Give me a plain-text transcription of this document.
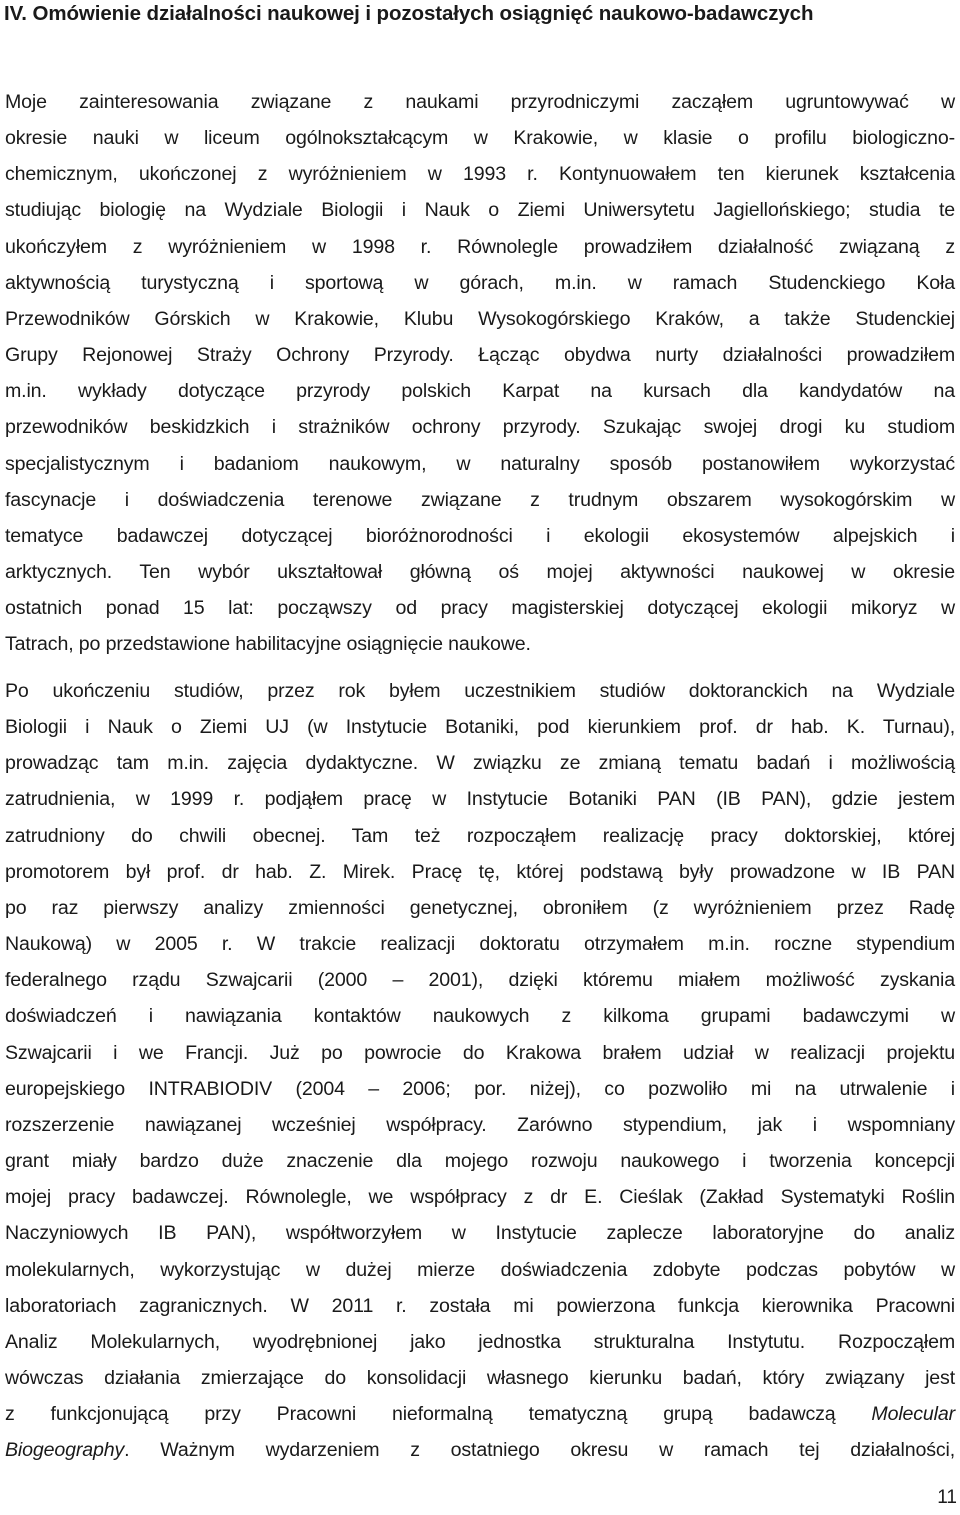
IV. Omówienie działalności naukowej i pozostałych osiągnięć naukowo-badawczych

Moje zainteresowania związane z naukami przyrodniczymi zacząłem ugruntowywać w
okresie nauki w liceum ogólnokształcącym w Krakowie, w klasie o profilu biologiczno-
chemicznym, ukończonej z wyróżnieniem w 1993 r. Kontynuowałem ten kierunek kształcenia
studiując biologię na Wydziale Biologii i Nauk o Ziemi Uniwersytetu Jagiellońskiego; studia te
ukończyłem z wyróżnieniem w 1998 r. Równolegle prowadziłem działalność związaną z
aktywnością turystyczną i sportową w górach, m.in. w ramach Studenckiego Koła
Przewodników Górskich w Krakowie, Klubu Wysokogórskiego Kraków, a także Studenckiej
Grupy Rejonowej Straży Ochrony Przyrody. Łącząc obydwa nurty działalności prowadziłem
m.in. wykłady dotyczące przyrody polskich Karpat na kursach dla kandydatów na
przewodników beskidzkich i strażników ochrony przyrody. Szukając swojej drogi ku studiom
specjalistycznym i badaniom naukowym, w naturalny sposób postanowiłem wykorzystać
fascynacje i doświadczenia terenowe związane z trudnym obszarem wysokogórskim w
tematyce badawczej dotyczącej bioróżnorodności i ekologii ekosystemów alpejskich i
arktycznych. Ten wybór ukształtował główną oś mojej aktywności naukowej w okresie
ostatnich ponad 15 lat: począwszy od pracy magisterskiej dotyczącej ekologii mikoryz w
Tatrach, po przedstawione habilitacyjne osiągnięcie naukowe.

Po ukończeniu studiów, przez rok byłem uczestnikiem studiów doktoranckich na Wydziale
Biologii i Nauk o Ziemi UJ (w Instytucie Botaniki, pod kierunkiem prof. dr hab. K. Turnau),
prowadząc tam m.in. zajęcia dydaktyczne. W związku ze zmianą tematu badań i możliwością
zatrudnienia, w 1999 r. podjąłem pracę w Instytucie Botaniki PAN (IB PAN), gdzie jestem
zatrudniony do chwili obecnej. Tam też rozpocząłem realizację pracy doktorskiej, której
promotorem był prof. dr hab. Z. Mirek. Pracę tę, której podstawą były prowadzone w IB PAN
po raz pierwszy analizy zmienności genetycznej, obroniłem (z wyróżnieniem przez Radę
Naukową) w 2005 r. W trakcie realizacji doktoratu otrzymałem m.in. roczne stypendium
federalnego rządu Szwajcarii (2000 – 2001), dzięki któremu miałem możliwość zyskania
doświadczeń i nawiązania kontaktów naukowych z kilkoma grupami badawczymi w
Szwajcarii i we Francji. Już po powrocie do Krakowa brałem udział w realizacji projektu
europejskiego INTRABIODIV (2004 – 2006; por. niżej), co pozwoliło mi na utrwalenie i
rozszerzenie nawiązanej wcześniej współpracy. Zarówno stypendium, jak i wspomniany
grant miały bardzo duże znaczenie dla mojego rozwoju naukowego i tworzenia koncepcji
mojej pracy badawczej. Równolegle, we współpracy z dr E. Cieślak (Zakład Systematyki Roślin
Naczyniowych IB PAN), współtworzyłem w Instytucie zaplecze laboratoryjne do analiz
molekularnych, wykorzystując w dużej mierze doświadczenia zdobyte podczas pobytów w
laboratoriach zagranicznych. W 2011 r. została mi powierzona funkcja kierownika Pracowni
Analiz Molekularnych, wyodrębnionej jako jednostka strukturalna Instytutu. Rozpocząłem
wówczas działania zmierzające do konsolidacji własnego kierunku badań, który związany jest
z funkcjonującą przy Pracowni nieformalną tematyczną grupą badawczą Molecular
Biogeography. Ważnym wydarzeniem z ostatniego okresu w ramach tej działalności,

11
